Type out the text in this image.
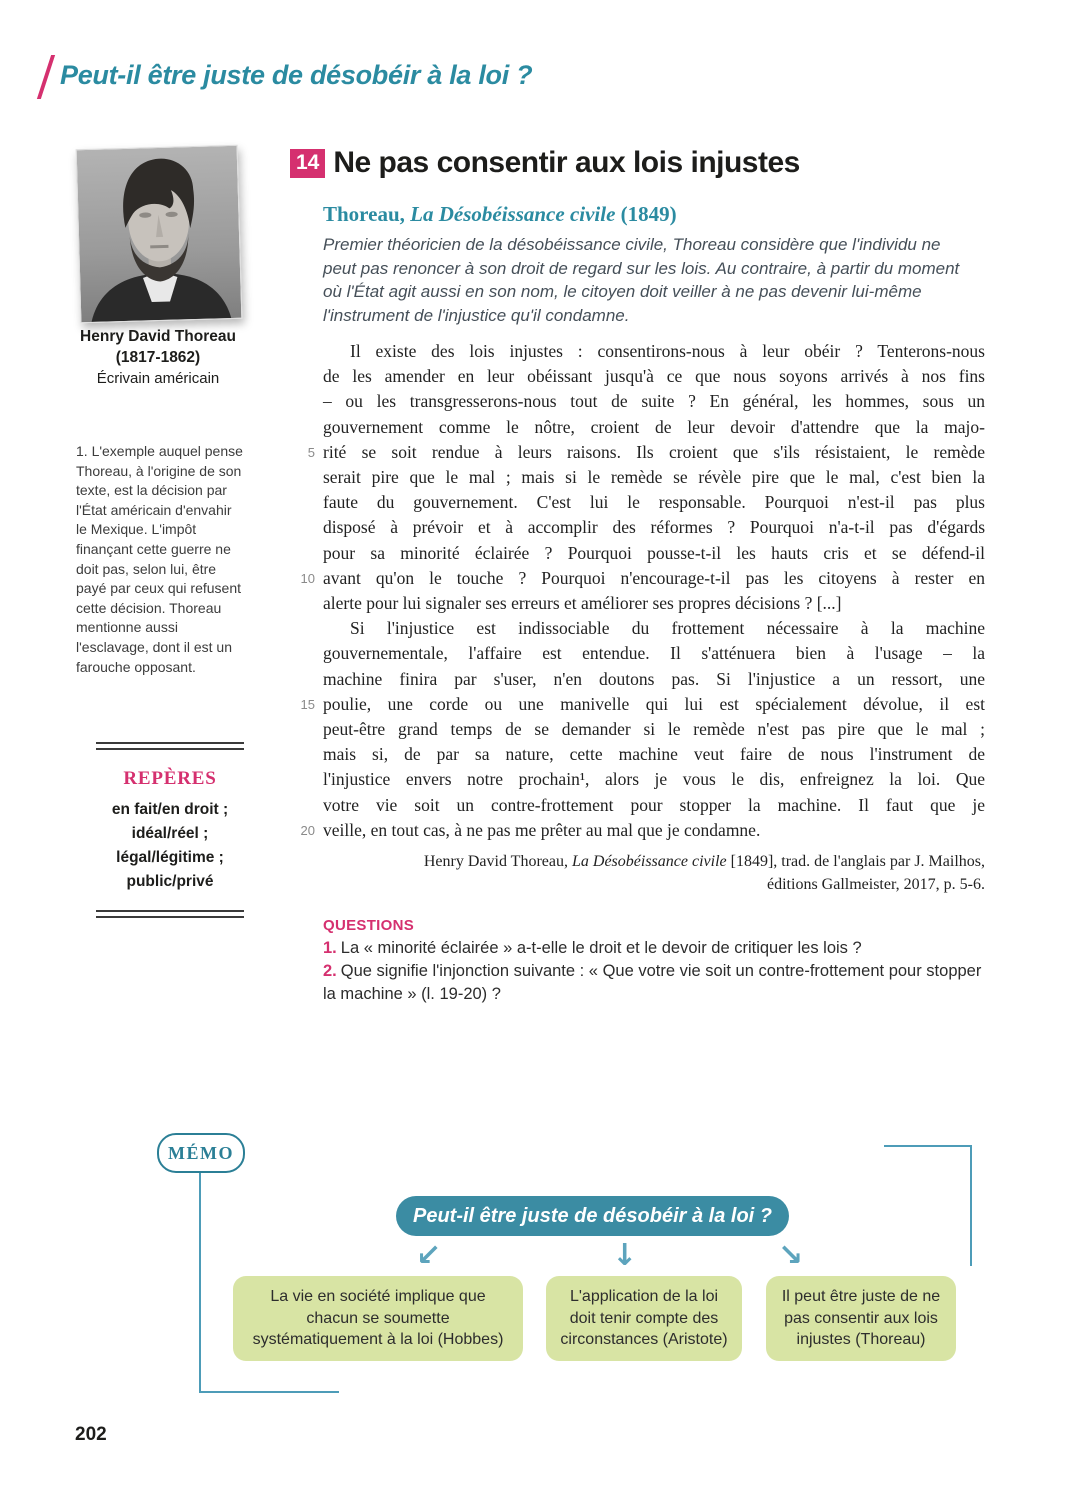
Peut-il être juste de désobéir à la loi ?
Henry David Thoreau
(1817-1862)
Écrivain américain
1. L'exemple auquel pense Thoreau, à l'origine de son texte, est la décision par l'État américain d'envahir le Mexique. L'impôt finançant cette guerre ne doit pas, selon lui, être payé par ceux qui refusent cette décision. Thoreau mentionne aussi l'esclavage, dont il est un farouche opposant.
REPÈRES
en fait/en droit ;
idéal/réel ;
légal/légitime ;
public/privé
14 Ne pas consentir aux lois injustes
Thoreau, La Désobéissance civile (1849)
Premier théoricien de la désobéissance civile, Thoreau considère que l'individu ne peut pas renoncer à son droit de regard sur les lois. Au contraire, à partir du moment où l'État agit aussi en son nom, le citoyen doit veiller à ne pas devenir lui-même l'instrument de l'injustice qu'il condamne.
Il existe des lois injustes : consentirons-nous à leur obéir ? Tenterons-nous
de les amender en leur obéissant jusqu'à ce que nous soyons arrivés à nos fins
– ou les transgresserons-nous tout de suite ? En général, les hommes, sous un
gouvernement comme le nôtre, croient de leur devoir d'attendre que la majo-
5 rité se soit rendue à leurs raisons. Ils croient que s'ils résistaient, le remède
serait pire que le mal ; mais si le remède se révèle pire que le mal, c'est bien la
faute du gouvernement. C'est lui le responsable. Pourquoi n'est-il pas plus
disposé à prévoir et à accomplir des réformes ? Pourquoi n'a-t-il pas d'égards
pour sa minorité éclairée ? Pourquoi pousse-t-il les hauts cris et se défend-il
10 avant qu'on le touche ? Pourquoi n'encourage-t-il pas les citoyens à rester en
alerte pour lui signaler ses erreurs et améliorer ses propres décisions ? [...]
Si l'injustice est indissociable du frottement nécessaire à la machine
gouvernementale, l'affaire est entendue. Il s'atténuera bien à l'usage – la
machine finira par s'user, n'en doutons pas. Si l'injustice a un ressort, une
15 poulie, une corde ou une manivelle qui lui est spécialement dévolue, il est
peut-être grand temps de se demander si le remède n'est pas pire que le mal ;
mais si, de par sa nature, cette machine veut faire de nous l'instrument de
l'injustice envers notre prochain¹, alors je vous le dis, enfreignez la loi. Que
votre vie soit un contre-frottement pour stopper la machine. Il faut que je
20 veille, en tout cas, à ne pas me prêter au mal que je condamne.
Henry David Thoreau, La Désobéissance civile [1849], trad. de l'anglais par J. Mailhos,
éditions Gallmeister, 2017, p. 5-6.
QUESTIONS
1. La « minorité éclairée » a-t-elle le droit et le devoir de critiquer les lois ?
2. Que signifie l'injonction suivante : « Que votre vie soit un contre-frottement pour stopper la machine » (l. 19-20) ?
MÉMO
Peut-il être juste de désobéir à la loi ?
↙	↓	↘
La vie en société implique que chacun se soumette systématiquement à la loi (Hobbes)
L'application de la loi doit tenir compte des circonstances (Aristote)
Il peut être juste de ne pas consentir aux lois injustes (Thoreau)
202
